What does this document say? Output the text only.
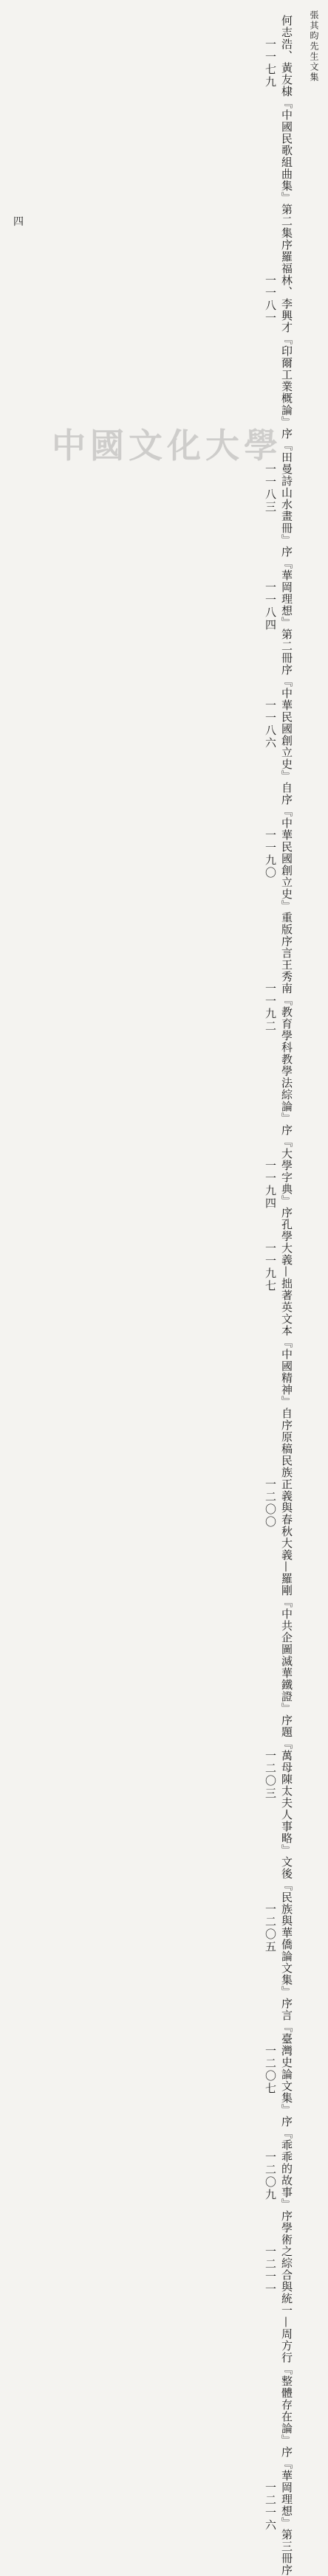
張其昀先生文集
何志浩、黃友棣『中國民歌組曲集』第二集序
一一七九
羅福林、李興才『印爾工業概論』序
一一八一
『田曼詩山水畫冊』序
一一八三
『華岡理想』第二冊序
一一八四
『中華民國創立史』自序
一一八六
『中華民國創立史』重版序言
一一九〇
王秀南『教育學科教學法綜論』序
一一九二
『大學字典』序
一一九四
孔學大義—拙著英文本『中國精神』自序原稿
一一九七
民族正義與春秋大義—羅剛『中共企圖滅華鐵證』序
一二〇〇
題『萬母陳太夫人事略』文後
一二〇三
『民族與華僑論文集』序言
一二〇五
『臺灣史論文集』序
一二〇七
『乖乖的故事』序
一二〇九
學術之綜合與統一—周方行『整體存在論』序
一二一一
『華岡理想』第三冊序
一二一六
四
中國文化大學
